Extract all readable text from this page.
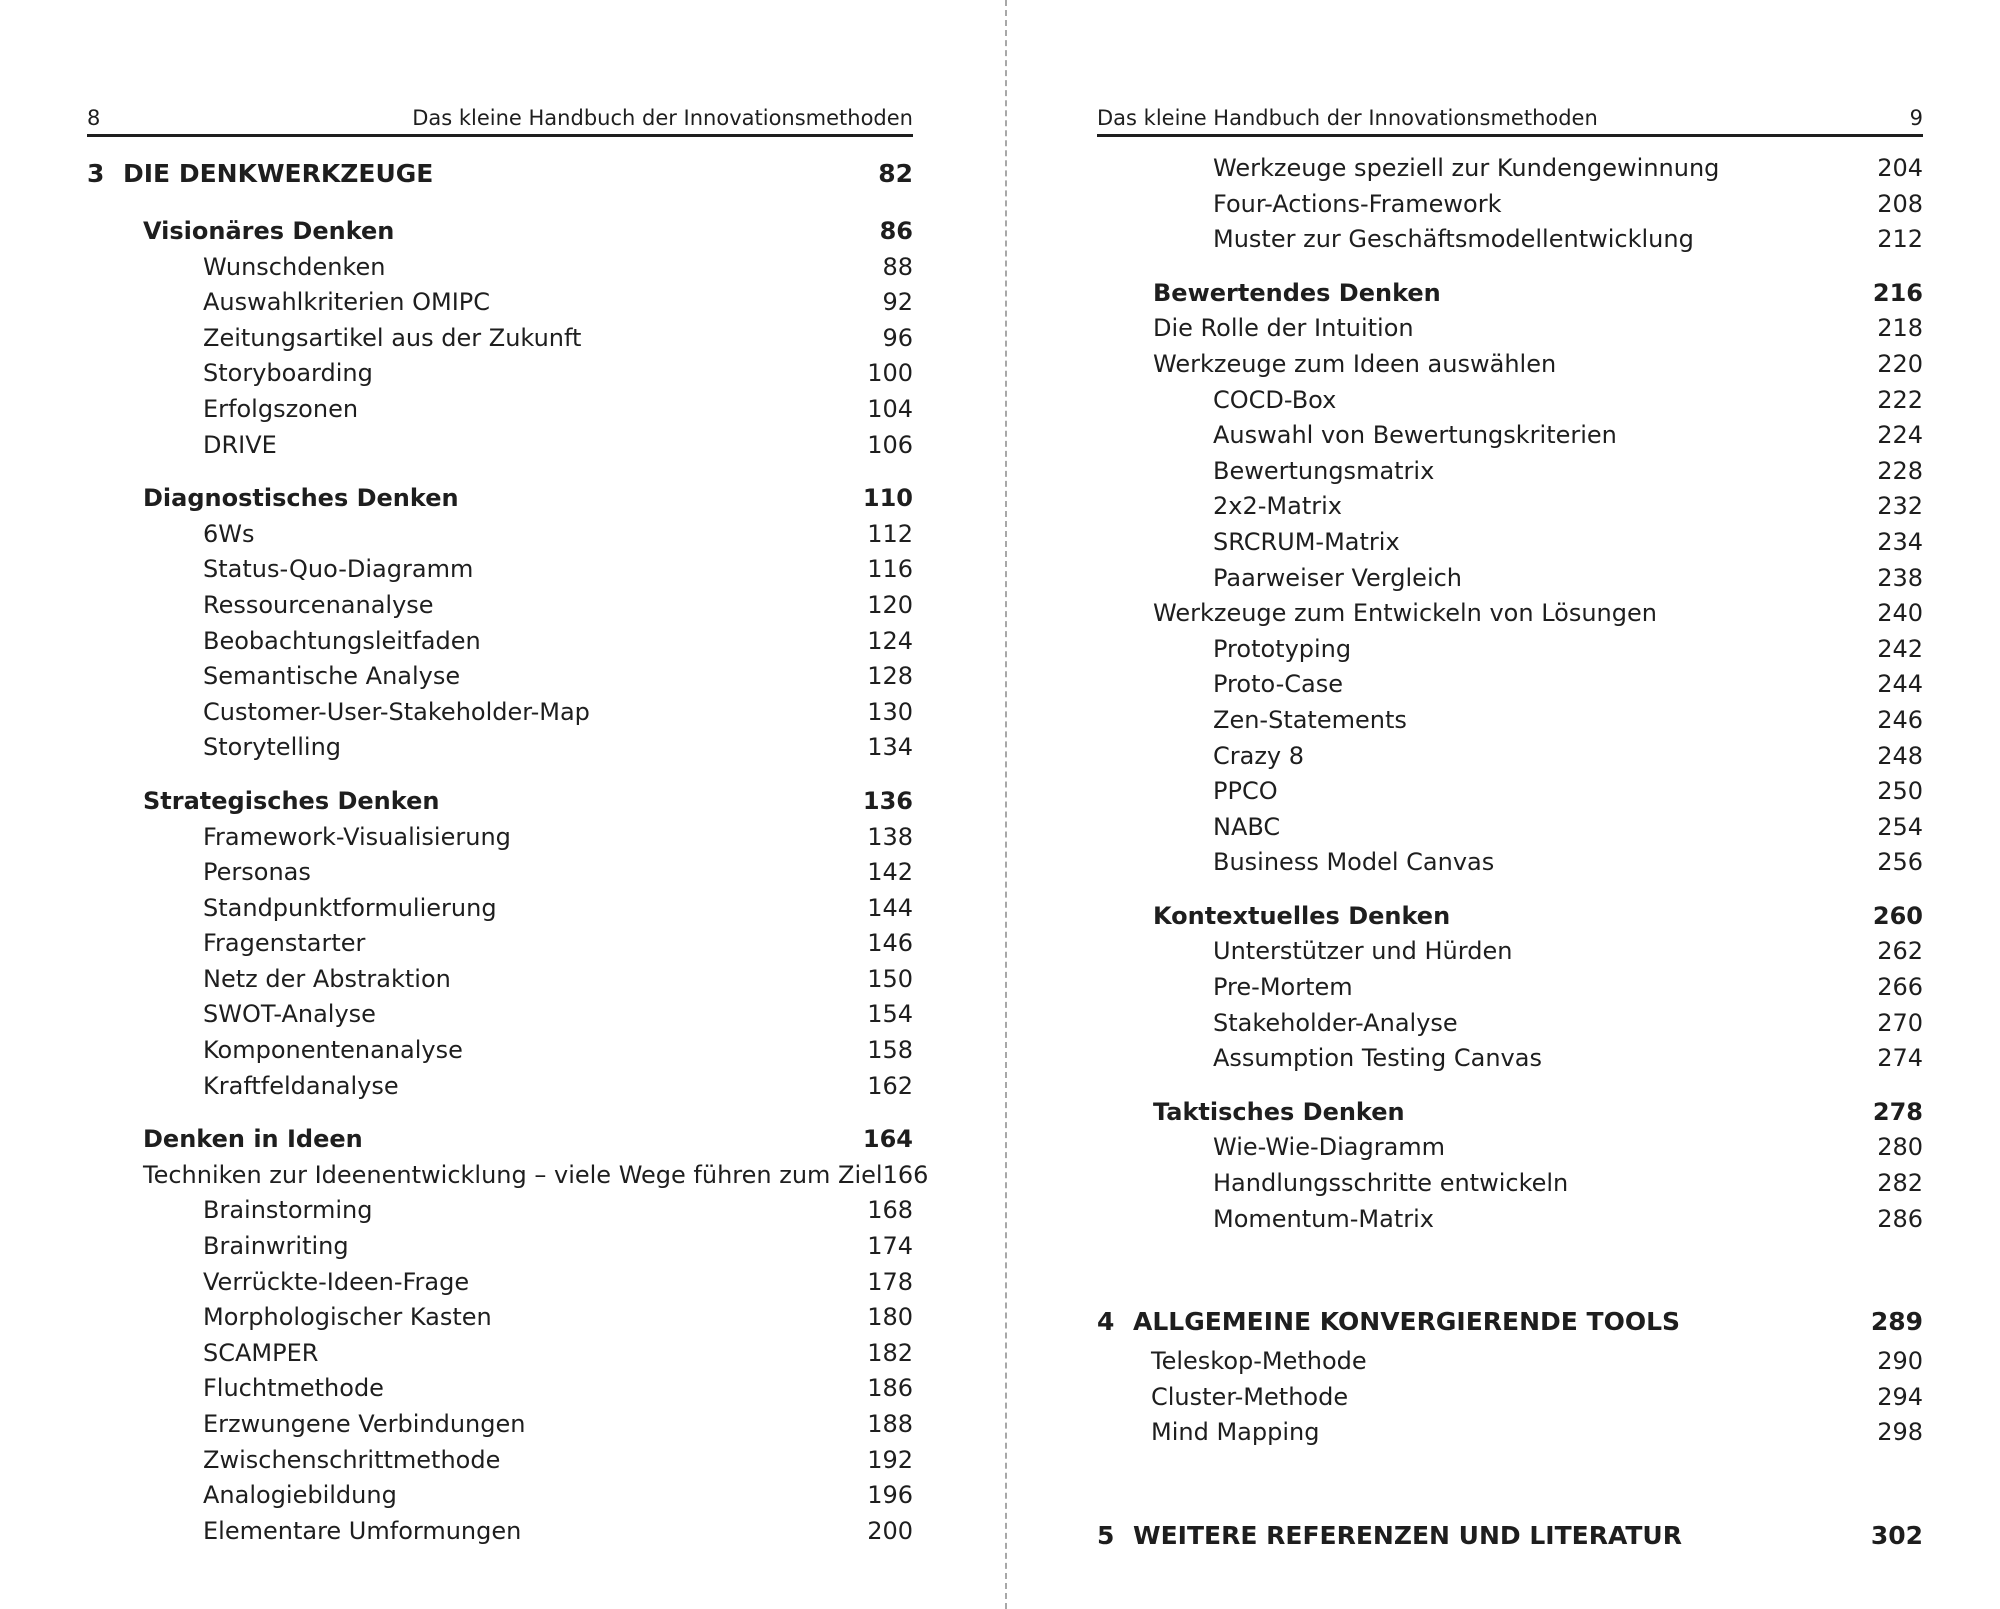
8	Das kleine Handbuch der Innovationsmethoden
3 DIE DENKWERKZEUGE	82
Visionäres Denken	86
Wunschdenken	88
Auswahlkriterien OMIPC	92
Zeitungsartikel aus der Zukunft	96
Storyboarding	100
Erfolgszonen	104
DRIVE	106
Diagnostisches Denken	110
6Ws	112
Status-Quo-Diagramm	116
Ressourcenanalyse	120
Beobachtungsleitfaden	124
Semantische Analyse	128
Customer-User-Stakeholder-Map	130
Storytelling	134
Strategisches Denken	136
Framework-Visualisierung	138
Personas	142
Standpunktformulierung	144
Fragenstarter	146
Netz der Abstraktion	150
SWOT-Analyse	154
Komponentenanalyse	158
Kraftfeldanalyse	162
Denken in Ideen	164
Techniken zur Ideenentwicklung – viele Wege führen zum Ziel 166
Brainstorming	168
Brainwriting	174
Verrückte-Ideen-Frage	178
Morphologischer Kasten	180
SCAMPER	182
Fluchtmethode	186
Erzwungene Verbindungen	188
Zwischenschrittmethode	192
Analogiebildung	196
Elementare Umformungen	200
Das kleine Handbuch der Innovationsmethoden	9
Werkzeuge speziell zur Kundengewinnung	204
Four-Actions-Framework	208
Muster zur Geschäftsmodellentwicklung	212
Bewertendes Denken	216
Die Rolle der Intuition	218
Werkzeuge zum Ideen auswählen	220
COCD-Box	222
Auswahl von Bewertungskriterien	224
Bewertungsmatrix	228
2x2-Matrix	232
SRCRUM-Matrix	234
Paarweiser Vergleich	238
Werkzeuge zum Entwickeln von Lösungen	240
Prototyping	242
Proto-Case	244
Zen-Statements	246
Crazy 8	248
PPCO	250
NABC	254
Business Model Canvas	256
Kontextuelles Denken	260
Unterstützer und Hürden	262
Pre-Mortem	266
Stakeholder-Analyse	270
Assumption Testing Canvas	274
Taktisches Denken	278
Wie-Wie-Diagramm	280
Handlungsschritte entwickeln	282
Momentum-Matrix	286
4 ALLGEMEINE KONVERGIERENDE TOOLS	289
Teleskop-Methode	290
Cluster-Methode	294
Mind Mapping	298
5 WEITERE REFERENZEN UND LITERATUR	302
